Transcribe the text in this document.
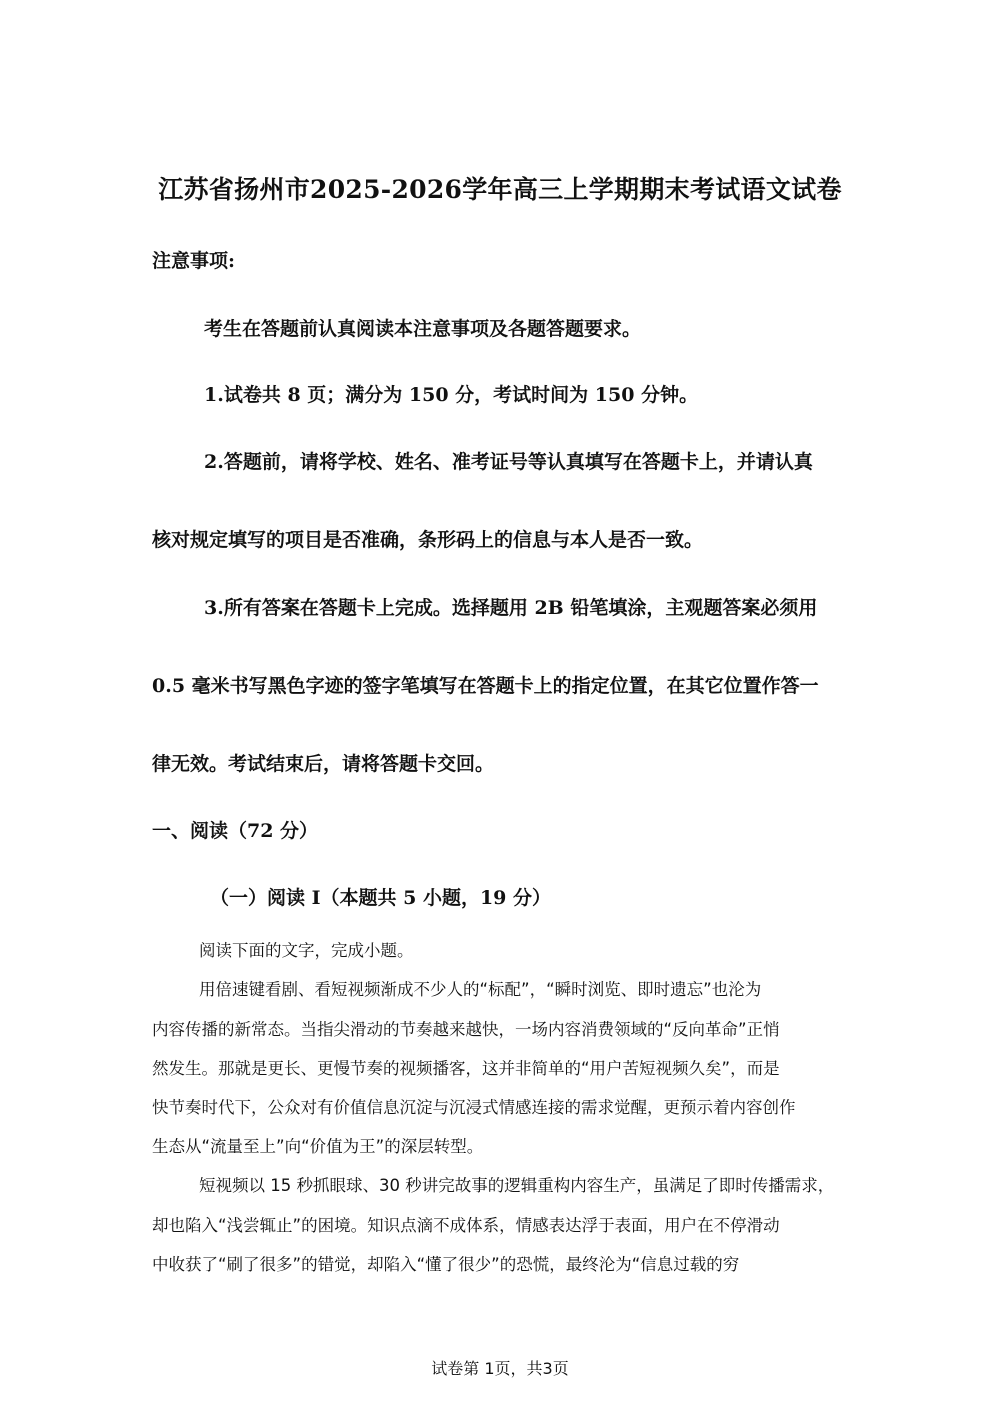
江苏省扬州市2025-2026学年高三上学期期末考试语文试卷
注意事项:
考生在答题前认真阅读本注意事项及各题答题要求。
1.试卷共 8 页；满分为 150 分，考试时间为 150 分钟。
2.答题前，请将学校、姓名、准考证号等认真填写在答题卡上，并请认真
核对规定填写的项目是否准确，条形码上的信息与本人是否一致。
3.所有答案在答题卡上完成。选择题用 2B 铅笔填涂，主观题答案必须用
0.5 毫米书写黑色字迹的签字笔填写在答题卡上的指定位置，在其它位置作答一
律无效。考试结束后，请将答题卡交回。
一、阅读（72 分）
（一）阅读 I（本题共 5 小题，19 分）
阅读下面的文字，完成小题。
用倍速键看剧、看短视频渐成不少人的“标配”，“瞬时浏览、即时遗忘”也沦为
内容传播的新常态。当指尖滑动的节奏越来越快，一场内容消费领域的“反向革命”正悄
然发生。那就是更长、更慢节奏的视频播客，这并非简单的“用户苦短视频久矣”，而是
快节奏时代下，公众对有价值信息沉淀与沉浸式情感连接的需求觉醒，更预示着内容创作
生态从“流量至上”向“价值为王”的深层转型。
短视频以 15 秒抓眼球、30 秒讲完故事的逻辑重构内容生产，虽满足了即时传播需求，
却也陷入“浅尝辄止”的困境。知识点滴不成体系，情感表达浮于表面，用户在不停滑动
中收获了“刷了很多”的错觉，却陷入“懂了很少”的恐慌，最终沦为“信息过载的穷
试卷第 1页，共3页
